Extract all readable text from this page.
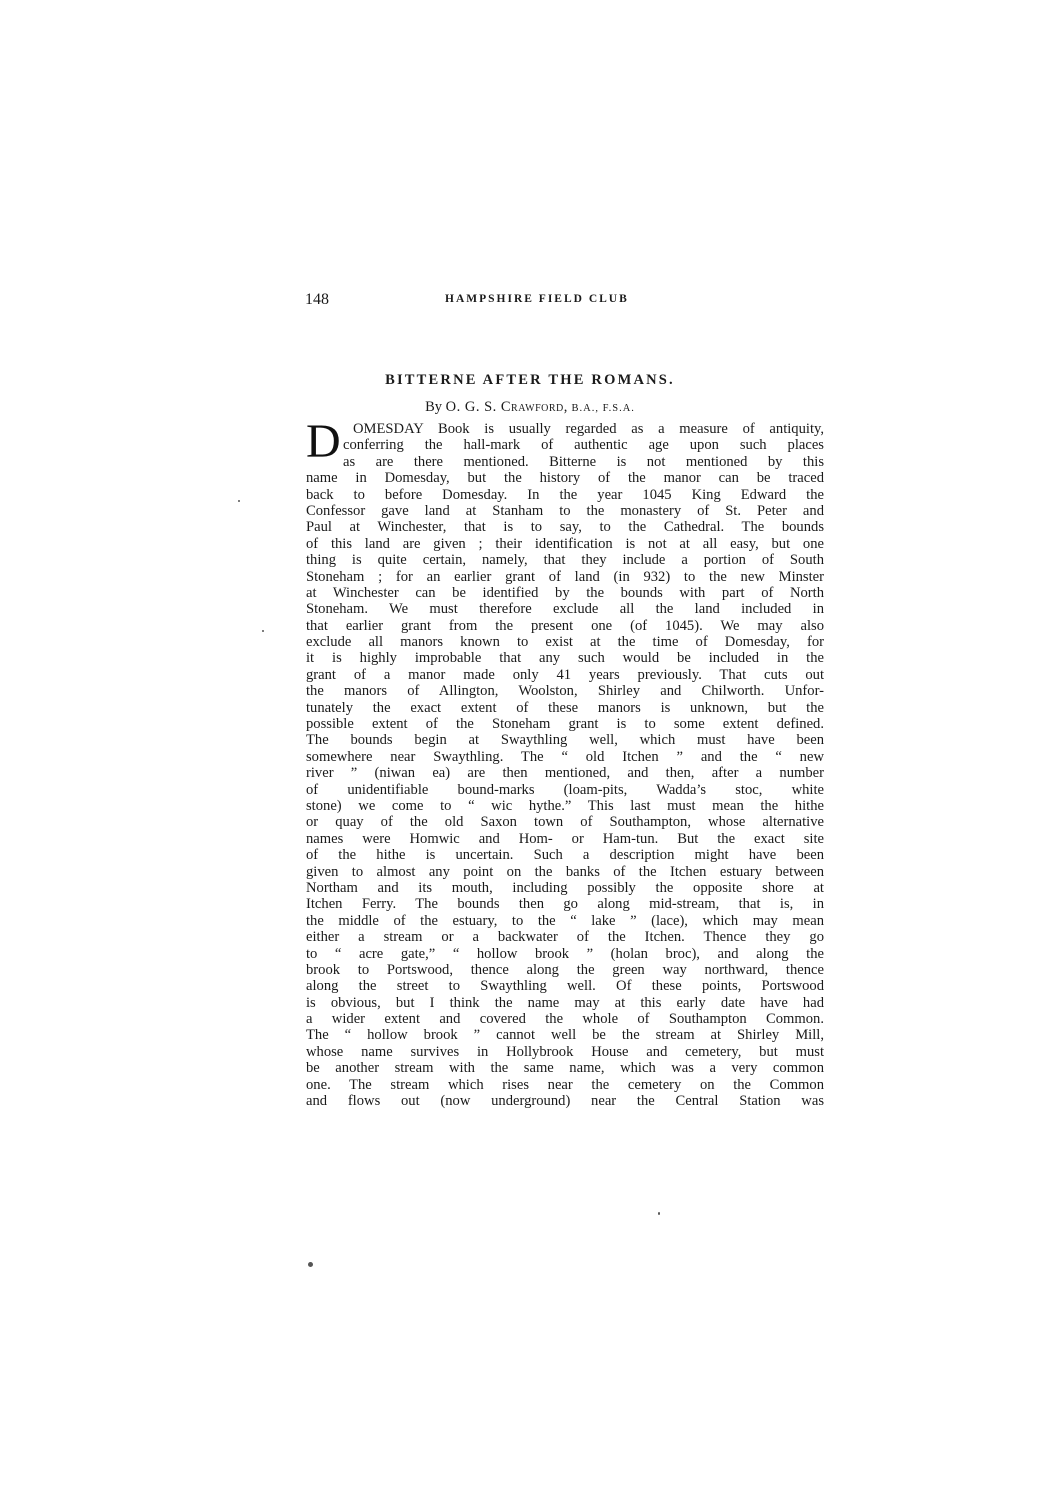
148	HAMPSHIRE FIELD CLUB
BITTERNE AFTER THE ROMANS.
By O. G. S. Crawford, B.A., F.S.A.
D OMESDAY Book is usually regarded as a measure of antiquity,
conferring the hall-mark of authentic age upon such places
as are there mentioned. Bitterne is not mentioned by this
name in Domesday, but the history of the manor can be traced
back to before Domesday. In the year 1045 King Edward the
Confessor gave land at Stanham to the monastery of St. Peter and
Paul at Winchester, that is to say, to the Cathedral. The bounds
of this land are given ; their identification is not at all easy, but one
thing is quite certain, namely, that they include a portion of South
Stoneham ; for an earlier grant of land (in 932) to the new Minster
at Winchester can be identified by the bounds with part of North
Stoneham. We must therefore exclude all the land included in
that earlier grant from the present one (of 1045). We may also
exclude all manors known to exist at the time of Domesday, for
it is highly improbable that any such would be included in the
grant of a manor made only 41 years previously. That cuts out
the manors of Allington, Woolston, Shirley and Chilworth. Unfor-
tunately the exact extent of these manors is unknown, but the
possible extent of the Stoneham grant is to some extent defined.
The bounds begin at Swaythling well, which must have been
somewhere near Swaythling. The “ old Itchen ” and the “ new
river ” (niwan ea) are then mentioned, and then, after a number
of unidentifiable bound-marks (loam-pits, Wadda’s stoc, white
stone) we come to “ wic hythe.” This last must mean the hithe
or quay of the old Saxon town of Southampton, whose alternative
names were Homwic and Hom- or Ham-tun. But the exact site
of the hithe is uncertain. Such a description might have been
given to almost any point on the banks of the Itchen estuary between
Northam and its mouth, including possibly the opposite shore at
Itchen Ferry. The bounds then go along mid-stream, that is, in
the middle of the estuary, to the “ lake ” (lace), which may mean
either a stream or a backwater of the Itchen. Thence they go
to “ acre gate,” “ hollow brook ” (holan broc), and along the
brook to Portswood, thence along the green way northward, thence
along the street to Swaythling well. Of these points, Portswood
is obvious, but I think the name may at this early date have had
a wider extent and covered the whole of Southampton Common.
The “ hollow brook ” cannot well be the stream at Shirley Mill,
whose name survives in Hollybrook House and cemetery, but must
be another stream with the same name, which was a very common
one. The stream which rises near the cemetery on the Common
and flows out (now underground) near the Central Station was
